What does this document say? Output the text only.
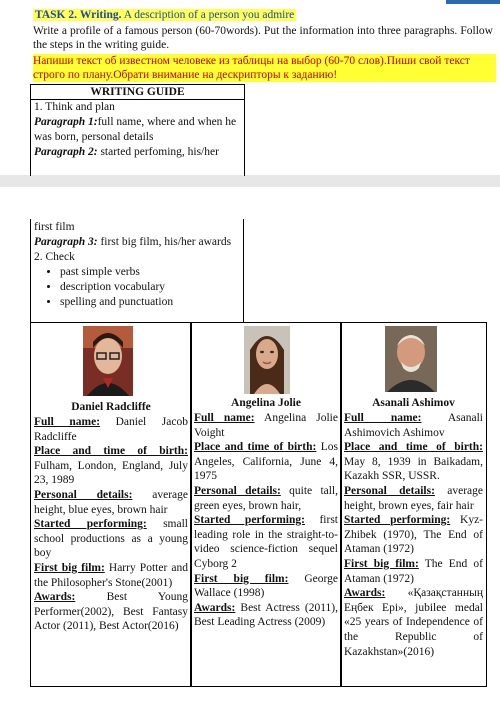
TASK 2. Writing. A description of a person you admire
Write a profile of a famous person (60-70words). Put the information into three paragraphs. Follow the steps in the writing guide.
Напиши текст об известном человеке из таблицы на выбор (60-70 слов).Пиши свой текст строго по плану.Обрати внимание на дескрипторы к заданию!
WRITING GUIDE
1. Think and plan
Paragraph 1:full name, where and when he was born, personal details
Paragraph 2: started perfoming, his/her
first film
Paragraph 3: first big film, his/her awards
2. Check
• past simple verbs
• description vocabulary
• spelling and punctuation
Daniel Radcliffe
Full name: Daniel Jacob Radcliffe
Place and time of birth: Fulham, London, England, July 23, 1989
Personal details: average height, blue eyes, brown hair
Started performing: small school productions as a young boy
First big film: Harry Potter and the Philosopher's Stone(2001)
Awards: Best Young Performer(2002), Best Fantasy Actor (2011), Best Actor(2016)
Angelina Jolie
Full name: Angelina Jolie Voight
Place and time of birth: Los Angeles, California, June 4, 1975
Personal details: quite tall, green eyes, brown hair,
Started performing: first leading role in the straight-to-video science-fiction sequel Cyborg 2
First big film: George Wallace (1998)
Awards: Best Actress (2011), Best Leading Actress (2009)
Asanali Ashimov
Full name: Asanali Ashimovich Ashimov
Place and time of birth: May 8, 1939 in Baikadam, Kazakh SSR, USSR.
Personal details: average height, brown eyes, fair hair
Started performing: Kyz-Zhibek (1970), The End of Ataman (1972)
First big film: The End of Ataman (1972)
Awards: «Қазақстанның Еңбек Ері», jubilee medal «25 years of Independence of the Republic of Kazakhstan»(2016)
